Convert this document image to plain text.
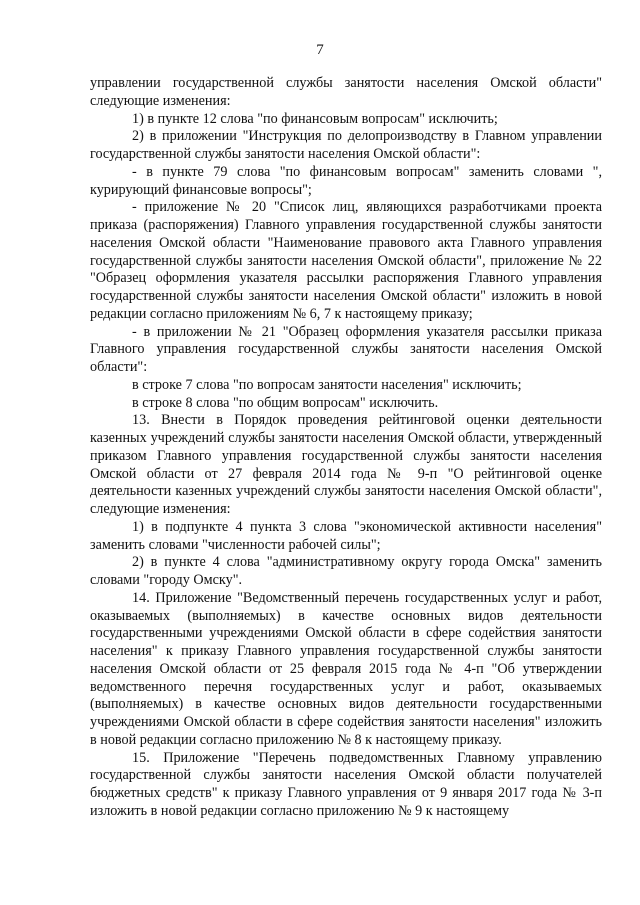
7

управлении государственной службы занятости населения Омской области" следующие изменения:

1) в пункте 12 слова "по финансовым вопросам" исключить;

2) в приложении "Инструкция по делопроизводству в Главном управлении государственной службы занятости населения Омской области":

- в пункте 79 слова "по финансовым вопросам" заменить словами ", курирующий финансовые вопросы";

- приложение № 20 "Список лиц, являющихся разработчиками проекта приказа (распоряжения) Главного управления государственной службы занятости населения Омской области "Наименование правового акта Главного управления государственной службы занятости населения Омской области", приложение № 22 "Образец оформления указателя рассылки распоряжения Главного управления государственной службы занятости населения Омской области" изложить в новой редакции согласно приложениям № 6, 7 к настоящему приказу;

- в приложении № 21 "Образец оформления указателя рассылки приказа Главного управления государственной службы занятости населения Омской области":

в строке 7 слова "по вопросам занятости населения" исключить;

в строке 8 слова "по общим вопросам" исключить.

13. Внести в Порядок проведения рейтинговой оценки деятельности казенных учреждений службы занятости населения Омской области, утвержденный приказом Главного управления государственной службы занятости населения Омской области от 27 февраля 2014 года № 9-п "О рейтинговой оценке деятельности казенных учреждений службы занятости населения Омской области", следующие изменения:

1) в подпункте 4 пункта 3 слова "экономической активности населения" заменить словами "численности рабочей силы";

2) в пункте 4 слова "административному округу города Омска" заменить словами "городу Омску".

14. Приложение "Ведомственный перечень государственных услуг и работ, оказываемых (выполняемых) в качестве основных видов деятельности государственными учреждениями Омской области в сфере содействия занятости населения" к приказу Главного управления государственной службы занятости населения Омской области от 25 февраля 2015 года № 4-п "Об утверждении ведомственного перечня государственных услуг и работ, оказываемых (выполняемых) в качестве основных видов деятельности государственными учреждениями Омской области в сфере содействия занятости населения" изложить в новой редакции согласно приложению № 8 к настоящему приказу.

15. Приложение "Перечень подведомственных Главному управлению государственной службы занятости населения Омской области получателей бюджетных средств" к приказу Главного управления от 9 января 2017 года № 3-п изложить в новой редакции согласно приложению № 9 к настоящему
